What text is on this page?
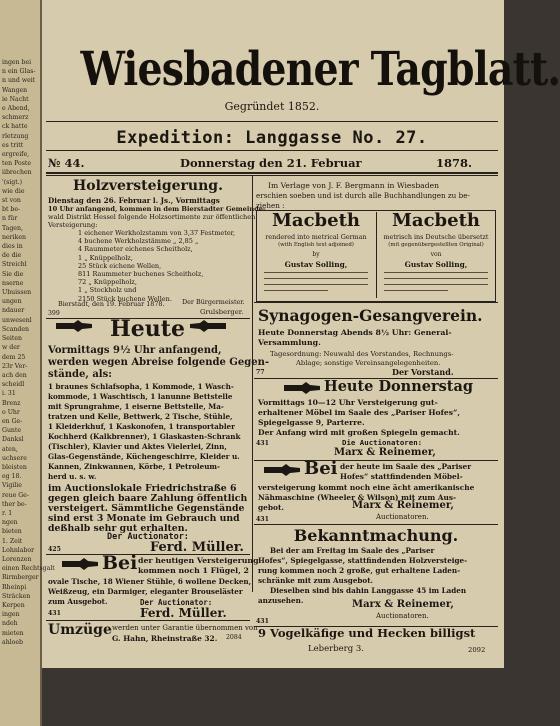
ingen bei
n ein Glas-
n und weit
Wangen
ie Nacht
e Abend,
schmerz
ck hatte
rletzung
es tritt
ergreife,
ten Poste
iibrechen
'(sigt.)
wie die
st von
bt be-
n für
Tagen,
neriken
dies in
de die
Streichl
Sie die
nserne
Ubuissen
ungen
ndauer
unwesenl
Scanden
Seiten
w der
dem 25
23r Ver-
ach den
scheidl
i. 31
Brenz
o Uhr
en Ge-
Gunte
Danksl
aten,
uchsere
bleisten
eg 18.
Vigilie
reue Ge-
ther be-
r. 1
ngen
bieten
1. Zeit
Lohnlabor
Lorenzen
einen Rechtsgalt
Rirmberger
Rheinpi
Sträcken
Kerpen
ingen
ndeh
mieten
ahloeb
Wiesbadener Tagblatt.
Gegründet 1852.
Expedition: Langgasse No. 27.
№ 44.	Donnerstag den 21. Februar	1878.
Holzversteigerung.
Dienstag den 26. Februar l. Js., Vormittags
10 Uhr anfangend, kommen in dem Bierstadter Gemeinde-
wald Distrikt Hessel folgende Holzsortimente zur öffentlichen
Versteigerung:
1 eichener Werkholzstamm von 3,37 Festmeter,
4 buchene Werkholzstämme „ 2,85 „
4 Raummeter eichenes Scheitholz,
1 „ Knüppelholz,
25 Stück eichene Wellen,
811 Raummeter buchenes Scheitholz,
72 „ Knüppelholz,
1 „ Stockholz und
2150 Stück buchene Wellen.
Bierstadt, den 19. Februar 1878.	Der Bürgermeister.
399	Grulsberger.
Heute
Vormittags 9½ Uhr anfangend,
werden wegen Abreise folgende Gegen-
stände, als:
1 braunes Schlafsopha, 1 Kommode, 1 Wasch-
kommode, 1 Waschtisch, 1 lanunne Bettstelle
mit Sprungrahme, 1 eiserne Bettstelle, Ma-
tratzen und Kelle, Bettwerk, 2 Tische, Stühle,
1 Kleiderkhuf, 1 Kaskonofen, 1 transportabler
Kochherd (Kalkbrenner), 1 Glaskasten-Schrank
(Tischler), Klavier und Aktes Vielerlei, Zinn,
Glas-Gegenstände, Küchengeschirre, Kleider u.
Kannen, Zinkwannen, Körbe, 1 Petroleum-
herd u. s. w.
im Auctionslokale Friedrichstraße 6
gegen gleich baare Zahlung öffentlich
versteigert. Sämmtliche Gegenstände
sind erst 3 Monate im Gebrauch und
deßhalb sehr gut erhalten.
Der Auctionator:
425	Ferd. Müller.
Bei der heutigen Versteigerung
kommen noch 1 Flügel, 2
ovale Tische, 18 Wiener Stühle, 6 wollene Decken,
Weißzeug, ein Darmiger, eleganter Brouseläster
zum Ausgebot.	Der Auctionator:
431	Ferd. Müller.
Umzüge werden unter Garantie übernommen von
G. Hahn, Rheinstraße 32. 2084
Im Verlage von J. F. Bergmann in Wiesbaden
erschien soeben und ist durch alle Buchhandlungen zu be-
ziehen :
Macbeth
rendered into metrical German
(with English text adjoined)
by
Gustav Solling,
Macbeth
metrisch ins Deutsche übersetzt
(mit gegenübergestellten Original)
von
Gustav Solling,
Synagogen-Gesangverein.
Heute Donnerstag Abends 8½ Uhr: General-
Versammlung.
Tagesordnung: Neuwahl des Vorstandes, Rechnungs-
Ablage; sonstige Vereinsangelegenheiten.
77	Der Vorstand.
Heute Donnerstag
Vormittags 10—12 Uhr Versteigerung gut-
erhaltener Möbel im Saale des „Pariser Hofes“,
Spiegelgasse 9, Parterre.
Der Anfang wird mit großen Spiegeln gemacht.
Die Auctionatoren:
431
Marx & Reinemer,
Bei der heute im Saale des „Pariser
Hofes“ stattfindenden Möbel-
versteigerung kommt noch eine ächt amerikanische
Nähmaschine (Wheeler & Wilson) mit zum Aus-
gebot.	Marx & Reinemer,
431	Auctionatoren.
Bekanntmachung.
Bei der am Freitag im Saale des „Pariser
Hofes“, Spiegelgasse, stattfindenden Holzversteige-
rung kommen noch 2 große, gut erhaltene Laden-
schränke mit zum Ausgebot.
Dieselben sind bis dahin Langgasse 45 im Laden
anzusehen.	Marx & Reinemer,
Auctionatoren.
431
9 Vogelkäfige und Hecken billigst
Leberberg 3.	2092
